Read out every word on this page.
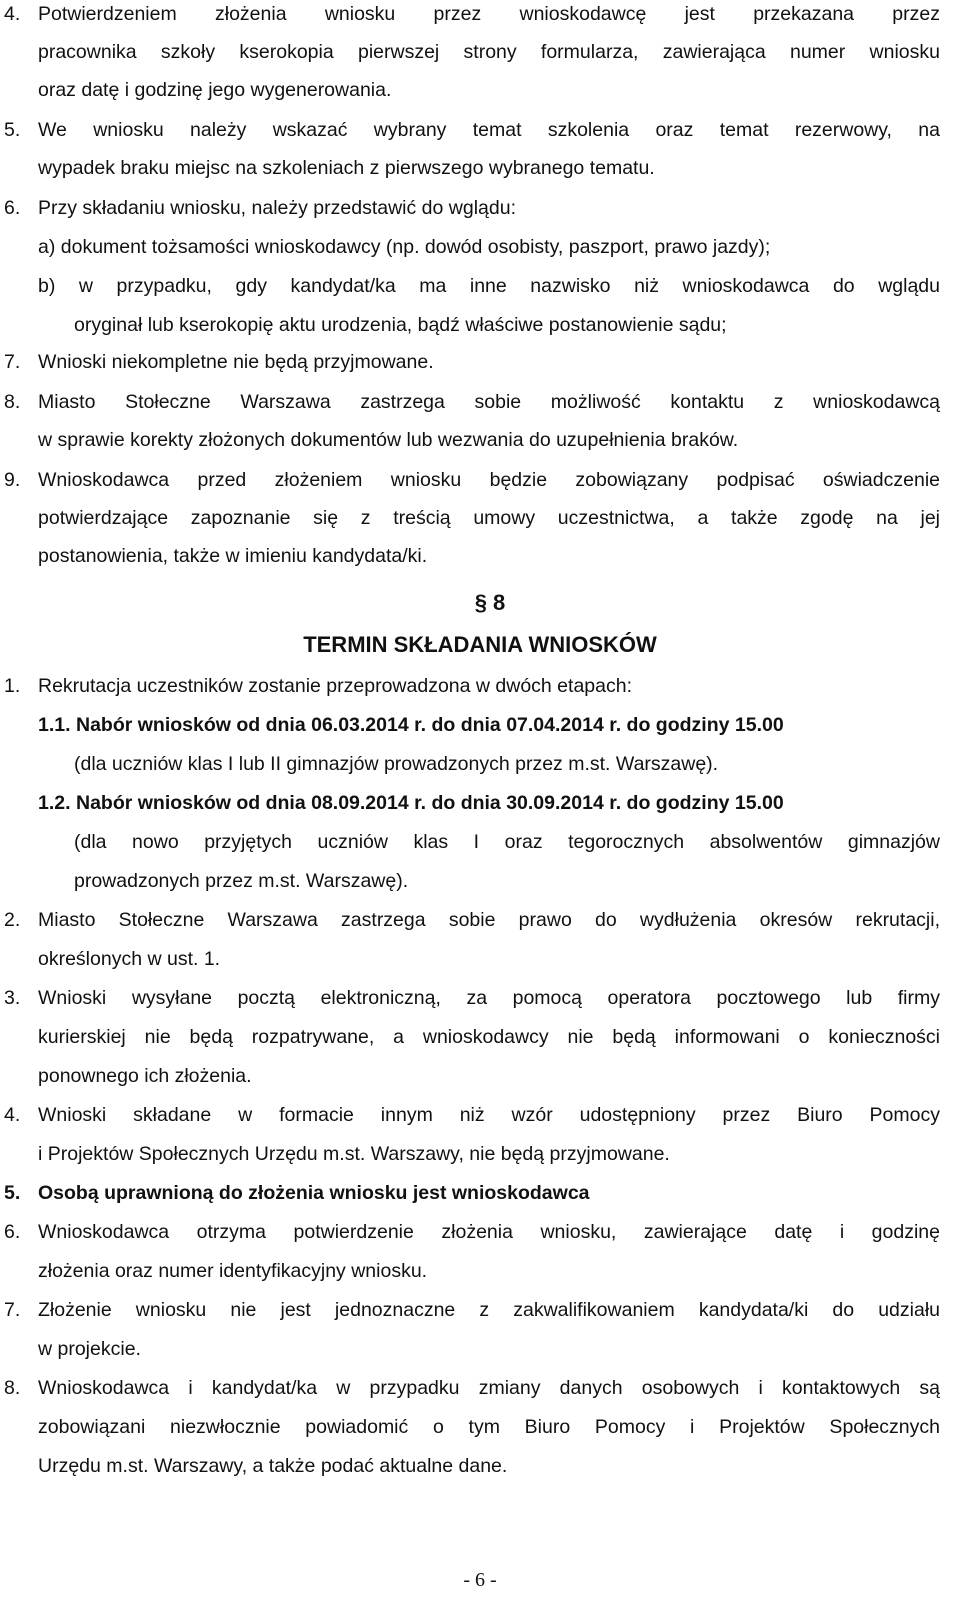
4. Potwierdzeniem złożenia wniosku przez wnioskodawcę jest przekazana przez
pracownika szkoły kserokopia pierwszej strony formularza, zawierająca numer wniosku
oraz datę i godzinę jego wygenerowania.
5. We wniosku należy wskazać wybrany temat szkolenia oraz temat rezerwowy, na
wypadek braku miejsc na szkoleniach z pierwszego wybranego tematu.
6. Przy składaniu wniosku, należy przedstawić do wglądu:
a) dokument tożsamości wnioskodawcy (np. dowód osobisty, paszport, prawo jazdy);
b) w przypadku, gdy kandydat/ka ma inne nazwisko niż wnioskodawca do wglądu
oryginał lub kserokopię aktu urodzenia, bądź właściwe postanowienie sądu;
7. Wnioski niekompletne nie będą przyjmowane.
8. Miasto Stołeczne Warszawa zastrzega sobie możliwość kontaktu z wnioskodawcą
w sprawie korekty złożonych dokumentów lub wezwania do uzupełnienia braków.
9. Wnioskodawca przed złożeniem wniosku będzie zobowiązany podpisać oświadczenie
potwierdzające zapoznanie się z treścią umowy uczestnictwa, a także zgodę na jej
postanowienia, także w imieniu kandydata/ki.
§ 8
TERMIN SKŁADANIA WNIOSKÓW
1. Rekrutacja uczestników zostanie przeprowadzona w dwóch etapach:
1.1. Nabór wniosków od dnia 06.03.2014 r. do dnia 07.04.2014 r. do godziny 15.00
(dla uczniów klas I lub II gimnazjów prowadzonych przez m.st. Warszawę).
1.2. Nabór wniosków od dnia 08.09.2014 r. do dnia 30.09.2014 r. do godziny 15.00
(dla nowo przyjętych uczniów klas I oraz tegorocznych absolwentów gimnazjów
prowadzonych przez m.st. Warszawę).
2. Miasto Stołeczne Warszawa zastrzega sobie prawo do wydłużenia okresów rekrutacji,
określonych w ust. 1.
3. Wnioski wysyłane pocztą elektroniczną, za pomocą operatora pocztowego lub firmy
kurierskiej nie będą rozpatrywane, a wnioskodawcy nie będą informowani o konieczności
ponownego ich złożenia.
4. Wnioski składane w formacie innym niż wzór udostępniony przez Biuro Pomocy
i Projektów Społecznych Urzędu m.st. Warszawy, nie będą przyjmowane.
5. Osobą uprawnioną do złożenia wniosku jest wnioskodawca
6. Wnioskodawca otrzyma potwierdzenie złożenia wniosku, zawierające datę i godzinę
złożenia oraz numer identyfikacyjny wniosku.
7. Złożenie wniosku nie jest jednoznaczne z zakwalifikowaniem kandydata/ki do udziału
w projekcie.
8. Wnioskodawca i kandydat/ka w przypadku zmiany danych osobowych i kontaktowych są
zobowiązani niezwłocznie powiadomić o tym Biuro Pomocy i Projektów Społecznych
Urzędu m.st. Warszawy, a także podać aktualne dane.
- 6 -
